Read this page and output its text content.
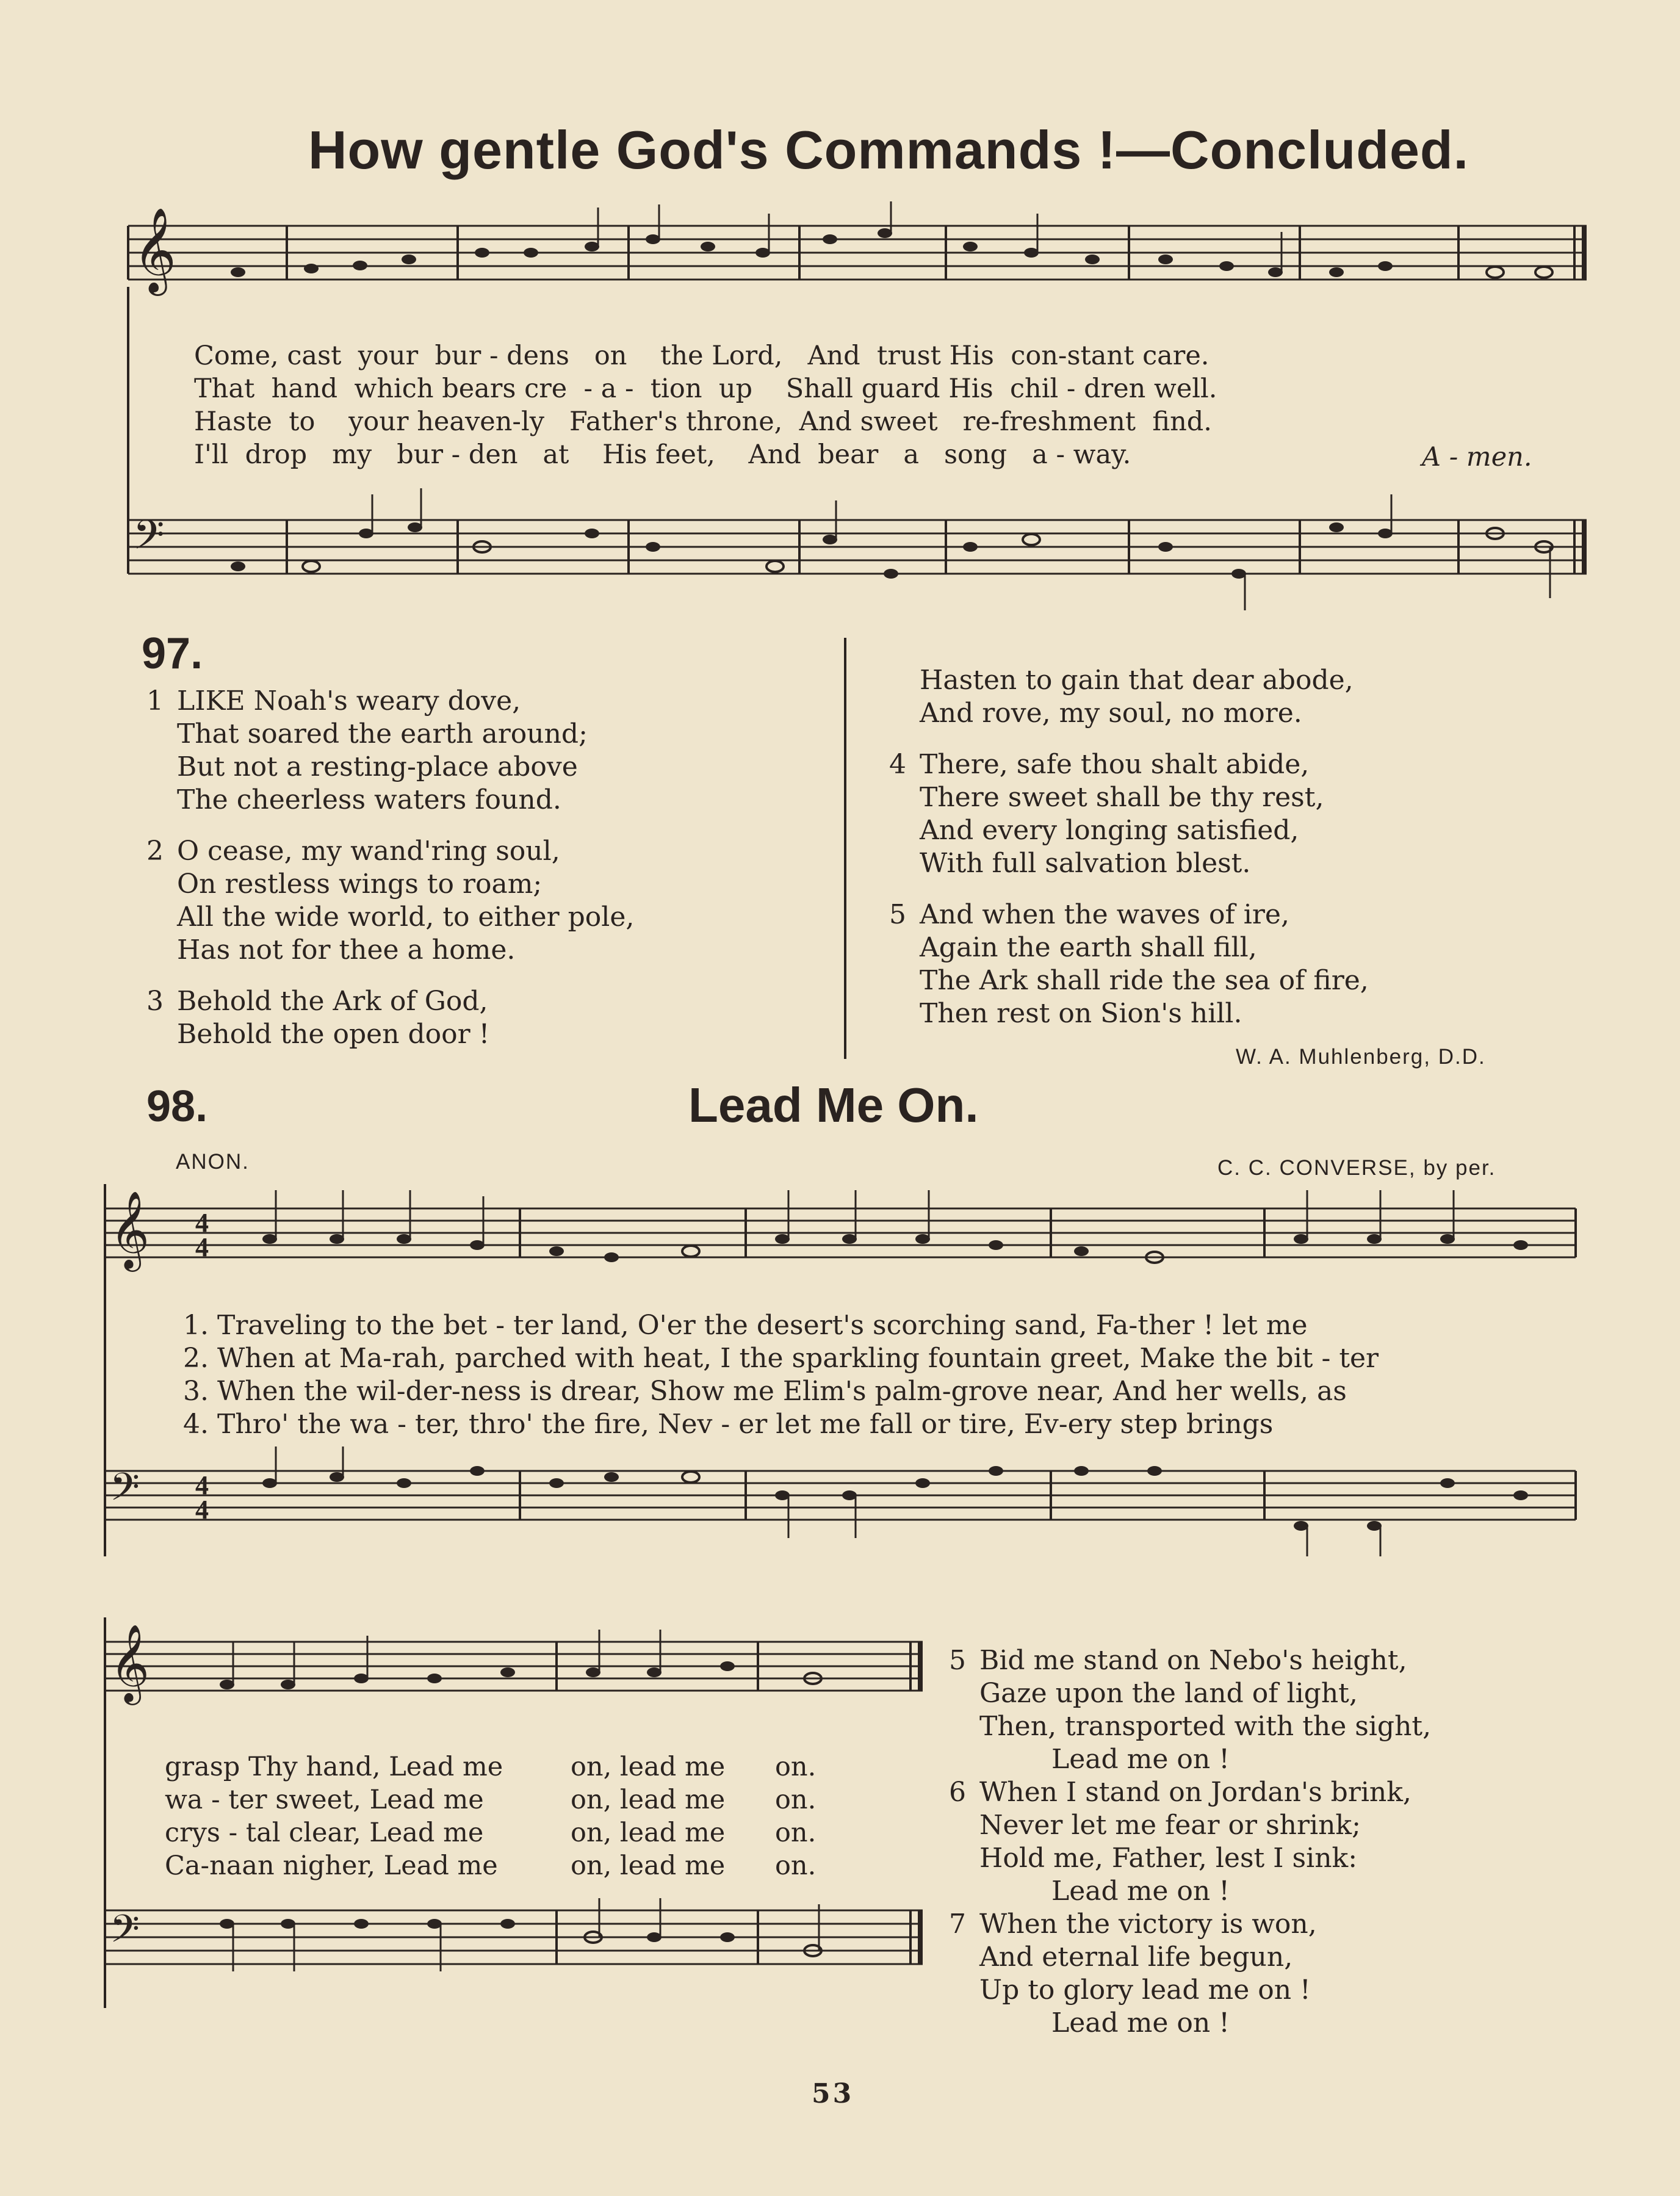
How gentle God's Commands !—Concluded.
𝄞
Come, cast  your  bur - dens   on    the Lord,   And  trust His  con-stant care.
That  hand  which bears cre  - a -  tion  up    Shall guard His  chil - dren well.
Haste  to    your heaven-ly   Father's throne,  And sweet   re-freshment  find.
I'll  drop   my   bur - den   at    His feet,    And  bear   a   song   a - way.	A - men.
𝄢
97.
1 LIKE Noah's weary dove,
That soared the earth around;
But not a resting-place above
The cheerless waters found.
2 O cease, my wand'ring soul,
On restless wings to roam;
All the wide world, to either pole,
Has not for thee a home.
3 Behold the Ark of God,
Behold the open door !
Hasten to gain that dear abode,
And rove, my soul, no more.
4 There, safe thou shalt abide,
There sweet shall be thy rest,
And every longing satisfied,
With full salvation blest.
5 And when the waves of ire,
Again the earth shall fill,
The Ark shall ride the sea of fire,
Then rest on Sion's hill.
W. A. Muhlenberg, D.D.
98.	Lead Me On.
ANON.	C. C. CONVERSE, by per.
𝄞 4
4
1. Traveling to the bet - ter land, O'er the desert's scorching sand, Fa-ther ! let me
2. When at Ma-rah, parched with heat, I the sparkling fountain greet, Make the bit - ter
3. When the wil-der-ness is drear, Show me Elim's palm-grove near, And her wells, as
4. Thro' the wa - ter, thro' the fire, Nev - er let me fall or tire, Ev-ery step brings
𝄢 4
4
𝄞
grasp Thy hand, Lead me	on, lead me on.
wa - ter sweet, Lead me	on, lead me on.
crys - tal clear, Lead me	on, lead me on.
Ca-naan nigher, Lead me	on, lead me on.
𝄢
5 Bid me stand on Nebo's height,
Gaze upon the land of light,
Then, transported with the sight,
Lead me on !
6 When I stand on Jordan's brink,
Never let me fear or shrink;
Hold me, Father, lest I sink:
Lead me on !
7 When the victory is won,
And eternal life begun,
Up to glory lead me on !
Lead me on !
53
